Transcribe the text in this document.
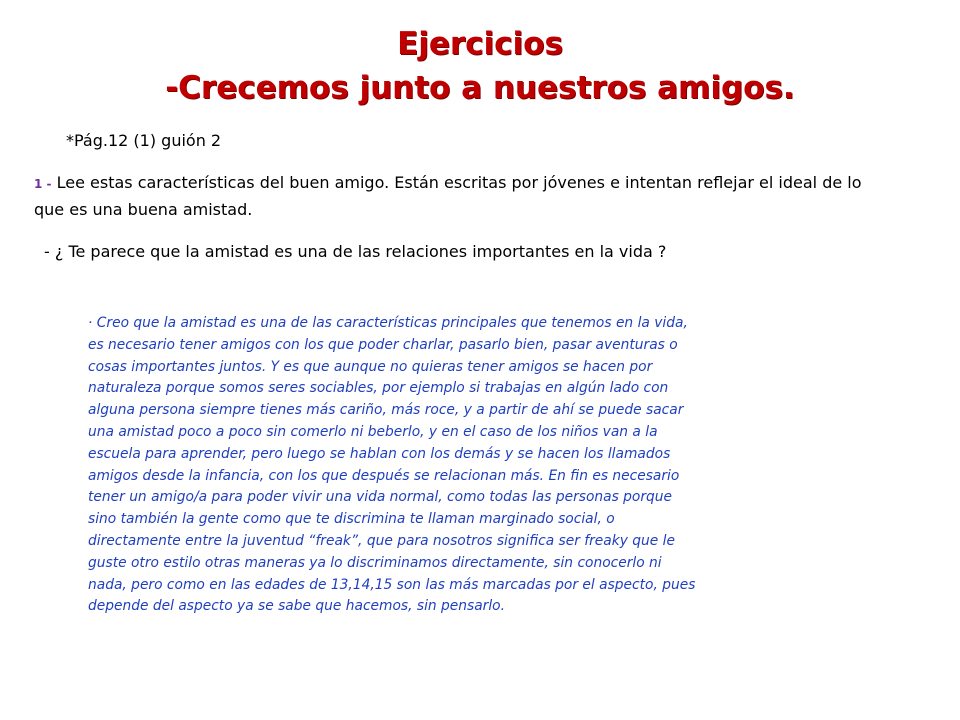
Ejercicios
-Crecemos junto a nuestros amigos.
*Pág.12 (1) guión 2
1 - Lee estas características del buen amigo. Están escritas por jóvenes e intentan reflejar el ideal de lo que es una buena amistad.
- ¿ Te parece que la amistad es una de las relaciones importantes en la vida ?

· Creo que la amistad es una de las características principales que tenemos en la vida,
es necesario tener amigos con los que poder charlar, pasarlo bien, pasar aventuras o
cosas importantes juntos. Y es que aunque no quieras tener amigos se hacen por
naturaleza porque somos seres sociables, por ejemplo si trabajas en algún lado con
alguna persona siempre tienes más cariño, más roce, y a partir de ahí se puede sacar
una amistad poco a poco sin comerlo ni beberlo, y en el caso de los niños van a la
escuela para aprender, pero luego se hablan con los demás y se hacen los llamados
amigos desde la infancia, con los que después se relacionan más. En fin es necesario
tener un amigo/a para poder vivir una vida normal, como todas las personas porque
sino también la gente como que te discrimina te llaman marginado social, o
directamente entre la juventud “freak”, que para nosotros significa ser freaky que le
guste otro estilo otras maneras ya lo discriminamos directamente, sin conocerlo ni
nada, pero como en las edades de 13,14,15 son las más marcadas por el aspecto, pues
depende del aspecto ya se sabe que hacemos, sin pensarlo.
